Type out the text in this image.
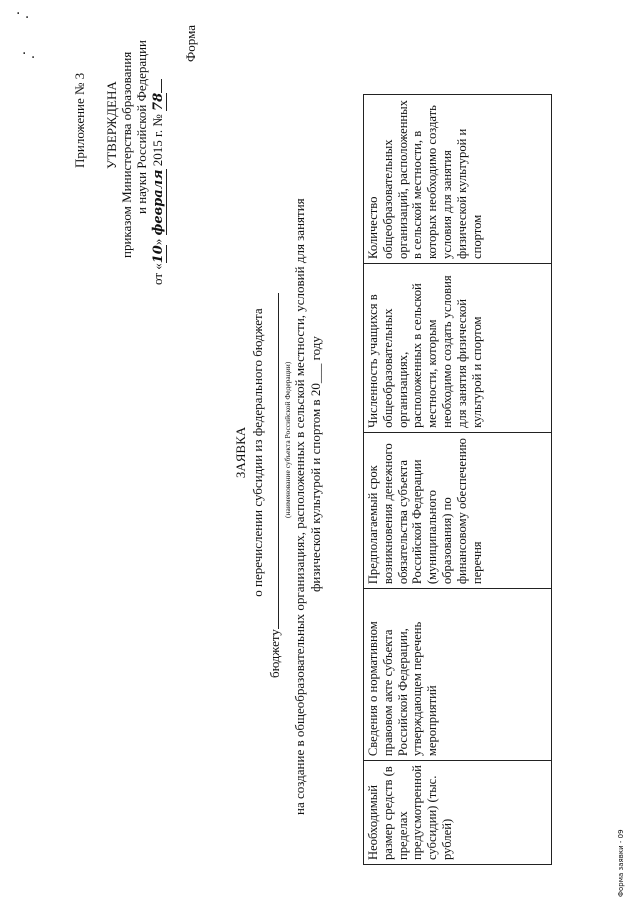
· .
· .
Приложение № 3 УТВЕРЖДЕНА приказом Министерства образования и науки Российской Федерации
от «10» февраля 2015 г. № 78
Форма
ЗАЯВКА о перечислении субсидии из федерального бюджета
бюджету
(наименование субъекта Российской Федерации) на создание в общеобразовательных организациях, расположенных в сельской местности, условий для занятия физической культурой и спортом в 20___ году
Необходимый размер средств (в пределах предусмотренной субсидии) (тыс. рублей)	Сведения о нормативном правовом акте субъекта Российской Федерации, утверждающем перечень мероприятий	Предполагаемый срок возникновения денежного обязательства субъекта Российской Федерации (муниципального образования) по финансовому обеспечению перечня	Численность учащихся в общеобразовательных организациях, расположенных в сельской местности, которым необходимо создать условия для занятия физической культурой и спортом	Количество общеобразовательных организаций, расположенных в сельской местности, в которых необходимо создать условия для занятия физической культурой и спортом
Форма заявки - 09
